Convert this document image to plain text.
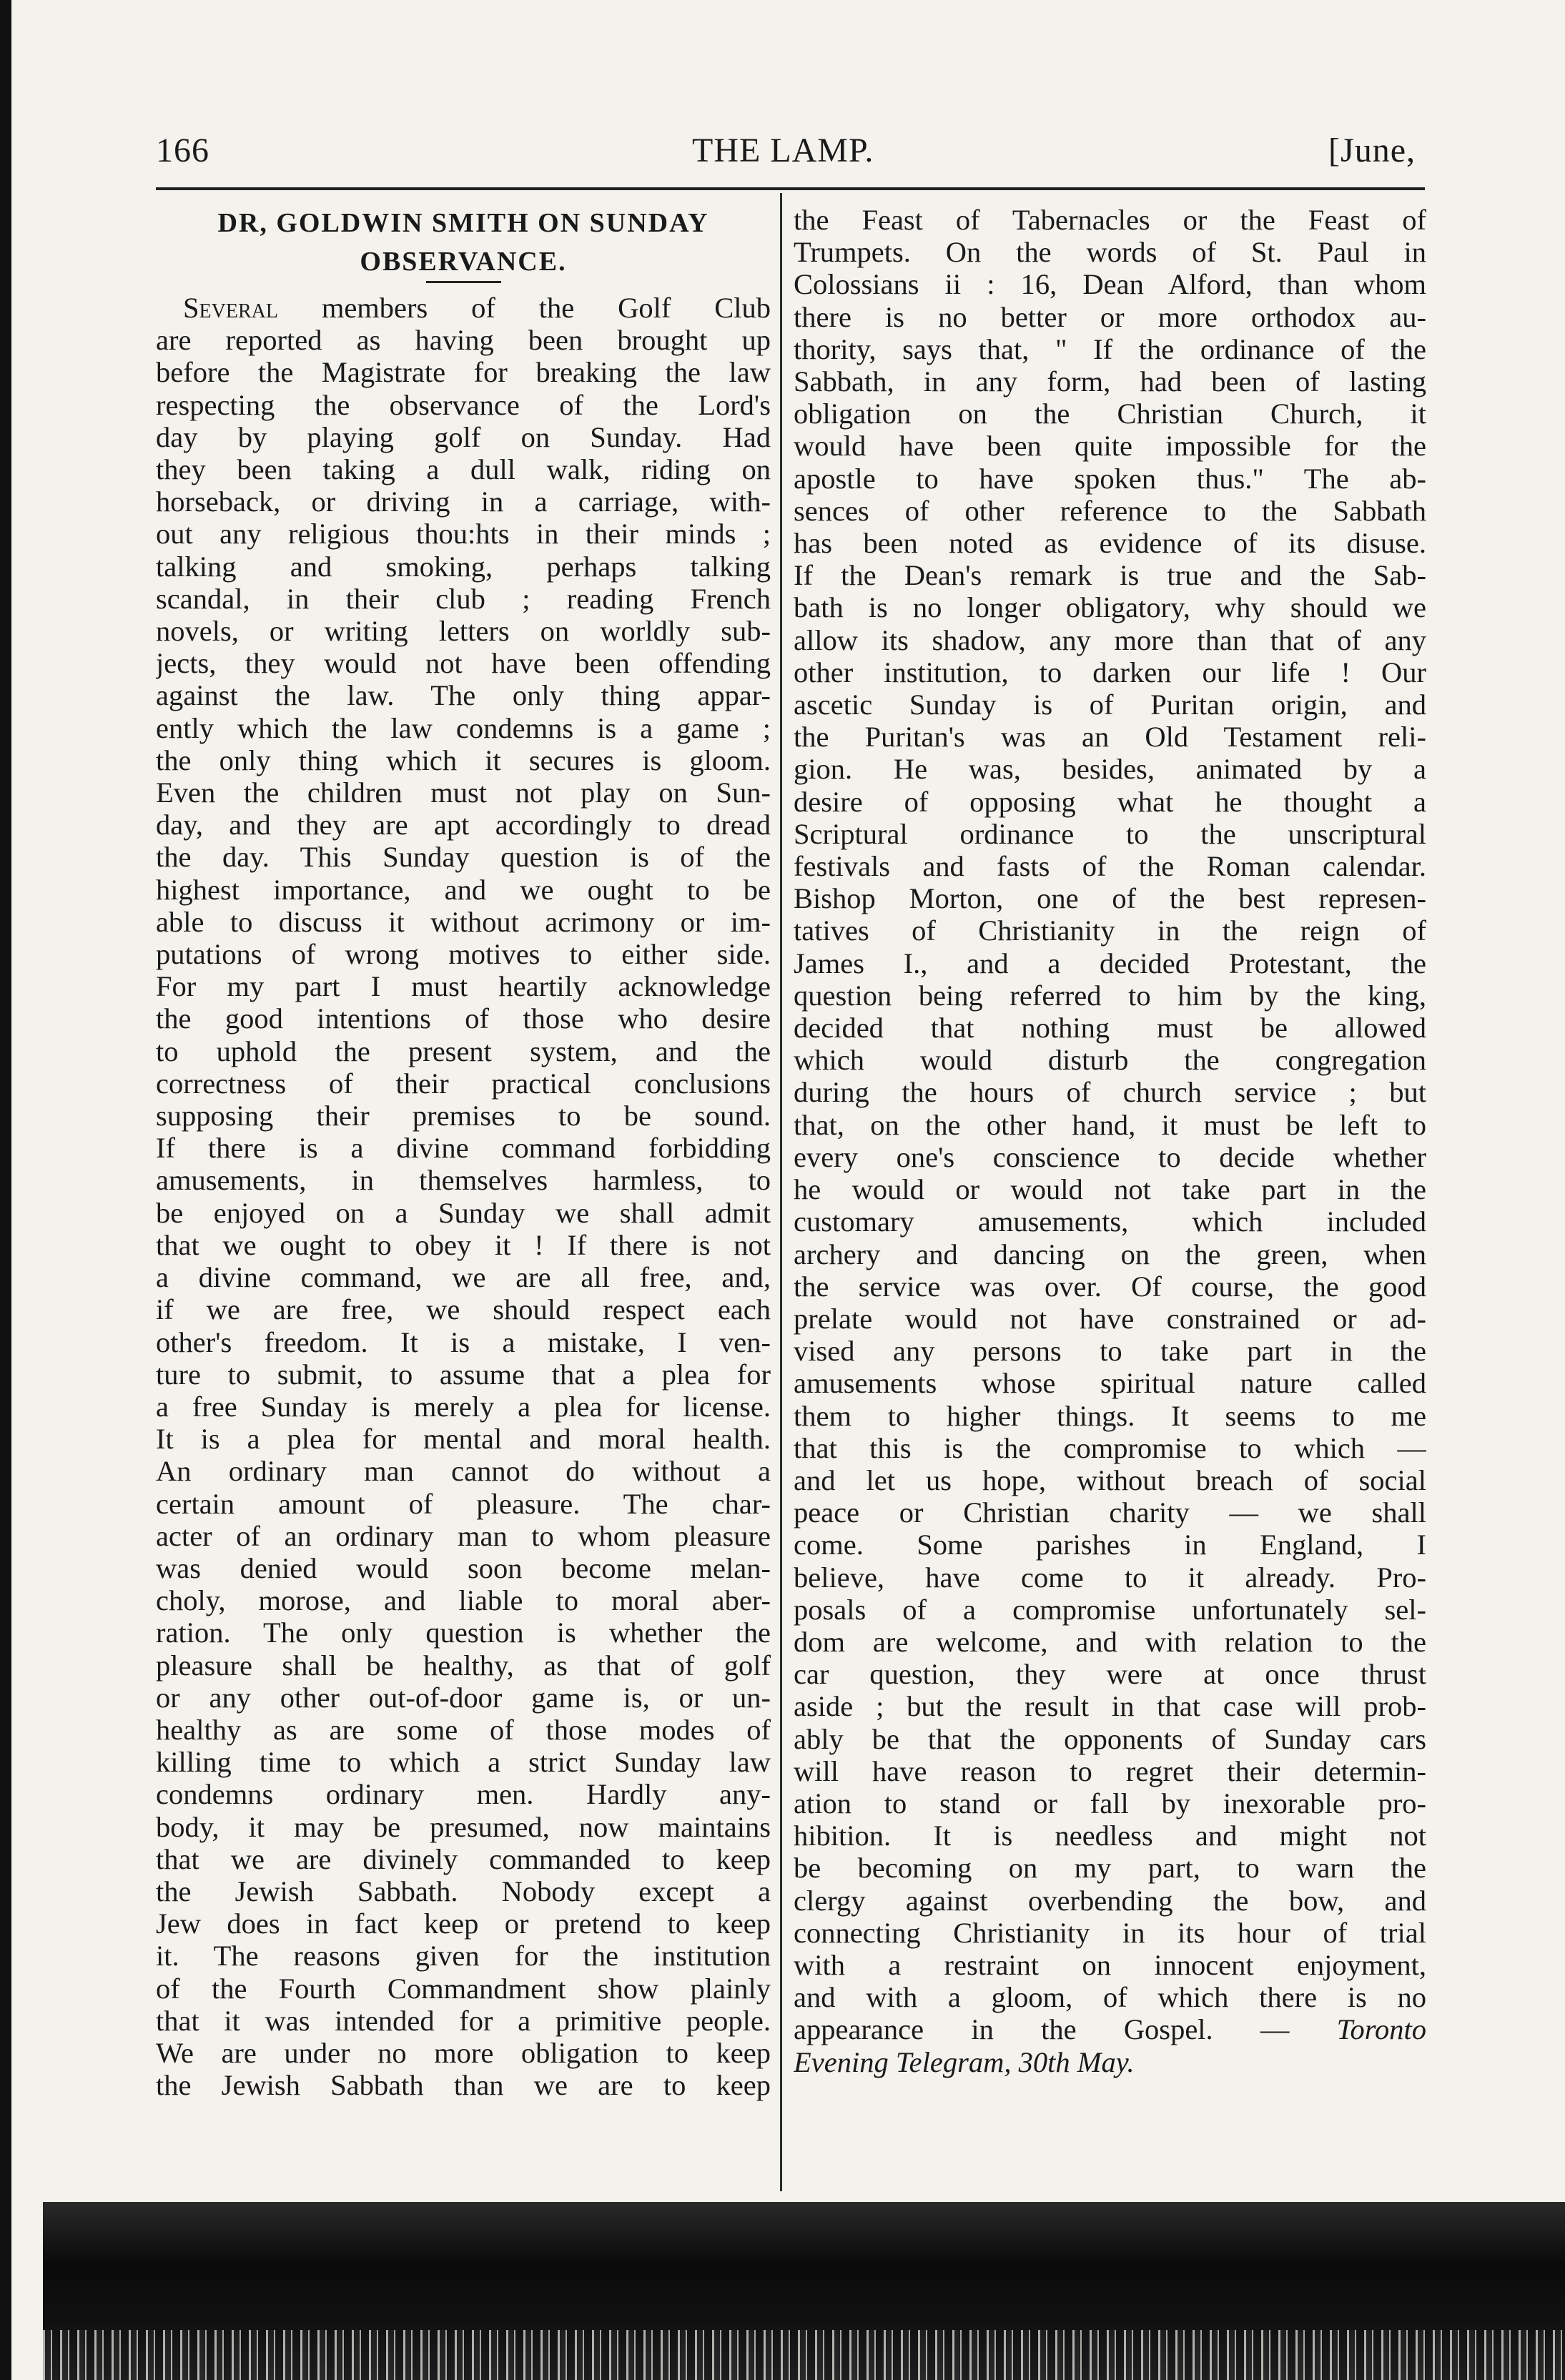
166	THE LAMP.	[June,
DR, GOLDWIN SMITH ON SUNDAY
OBSERVANCE.

Several members of the Golf Club
are reported as having been brought up
before the Magistrate for breaking the law
respecting the observance of the Lord's
day by playing golf on Sunday. Had
they been taking a dull walk, riding on
horseback, or driving in a carriage, with-
out any religious thou:hts in their minds ;
talking and smoking, perhaps talking
scandal, in their club ; reading French
novels, or writing letters on worldly sub-
jects, they would not have been offending
against the law. The only thing appar-
ently which the law condemns is a game ;
the only thing which it secures is gloom.
Even the children must not play on Sun-
day, and they are apt accordingly to dread
the day. This Sunday question is of the
highest importance, and we ought to be
able to discuss it without acrimony or im-
putations of wrong motives to either side.
For my part I must heartily acknowledge
the good intentions of those who desire
to uphold the present system, and the
correctness of their practical conclusions
supposing their premises to be sound.
If there is a divine command forbidding
amusements, in themselves harmless, to
be enjoyed on a Sunday we shall admit
that we ought to obey it ! If there is not
a divine command, we are all free, and,
if we are free, we should respect each
other's freedom. It is a mistake, I ven-
ture to submit, to assume that a plea for
a free Sunday is merely a plea for license.
It is a plea for mental and moral health.
An ordinary man cannot do without a
certain amount of pleasure. The char-
acter of an ordinary man to whom pleasure
was denied would soon become melan-
choly, morose, and liable to moral aber-
ration. The only question is whether the
pleasure shall be healthy, as that of golf
or any other out-of-door game is, or un-
healthy as are some of those modes of
killing time to which a strict Sunday law
condemns ordinary men. Hardly any-
body, it may be presumed, now maintains
that we are divinely commanded to keep
the Jewish Sabbath. Nobody except a
Jew does in fact keep or pretend to keep
it. The reasons given for the institution
of the Fourth Commandment show plainly
that it was intended for a primitive people.
We are under no more obligation to keep
the Jewish Sabbath than we are to keep

the Feast of Tabernacles or the Feast of
Trumpets. On the words of St. Paul in
Colossians ii : 16, Dean Alford, than whom
there is no better or more orthodox au-
thority, says that, " If the ordinance of the
Sabbath, in any form, had been of lasting
obligation on the Christian Church, it
would have been quite impossible for the
apostle to have spoken thus." The ab-
sences of other reference to the Sabbath
has been noted as evidence of its disuse.
If the Dean's remark is true and the Sab-
bath is no longer obligatory, why should we
allow its shadow, any more than that of any
other institution, to darken our life ! Our
ascetic Sunday is of Puritan origin, and
the Puritan's was an Old Testament reli-
gion. He was, besides, animated by a
desire of opposing what he thought a
Scriptural ordinance to the unscriptural
festivals and fasts of the Roman calendar.
Bishop Morton, one of the best represen-
tatives of Christianity in the reign of
James I., and a decided Protestant, the
question being referred to him by the king,
decided that nothing must be allowed
which would disturb the congregation
during the hours of church service ; but
that, on the other hand, it must be left to
every one's conscience to decide whether
he would or would not take part in the
customary amusements, which included
archery and dancing on the green, when
the service was over. Of course, the good
prelate would not have constrained or ad-
vised any persons to take part in the
amusements whose spiritual nature called
them to higher things. It seems to me
that this is the compromise to which —
and let us hope, without breach of social
peace or Christian charity — we shall
come. Some parishes in England, I
believe, have come to it already. Pro-
posals of a compromise unfortunately sel-
dom are welcome, and with relation to the
car question, they were at once thrust
aside ; but the result in that case will prob-
ably be that the opponents of Sunday cars
will have reason to regret their determin-
ation to stand or fall by inexorable pro-
hibition. It is needless and might not
be becoming on my part, to warn the
clergy against overbending the bow, and
connecting Christianity in its hour of trial
with a restraint on innocent enjoyment,
and with a gloom, of which there is no

appearance in the Gospel. — Toronto
Evening Telegram, 30th May.
